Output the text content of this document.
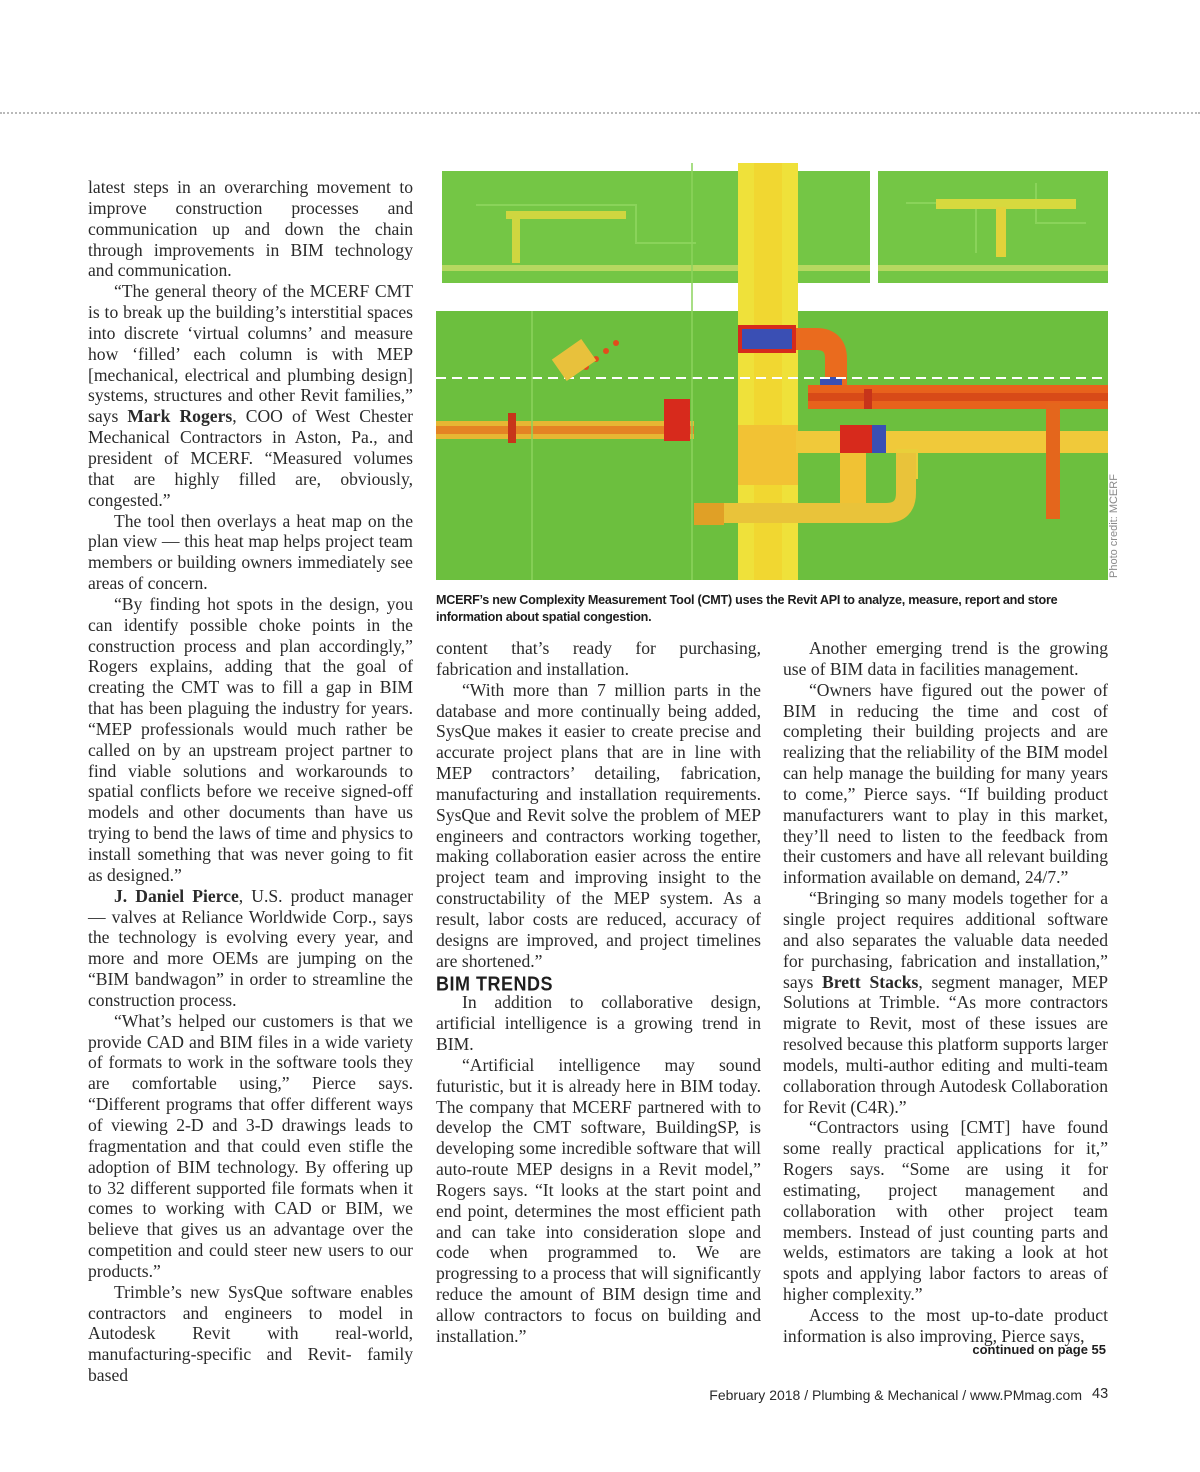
latest steps in an overarching movement to improve construction processes and communication up and down the chain through improvements in BIM technology and communication.

“The general theory of the MCERF CMT is to break up the building’s interstitial spaces into discrete ‘virtual columns’ and measure how ‘filled’ each column is with MEP [mechanical, electrical and plumbing design] systems, structures and other Revit families,” says Mark Rogers, COO of West Chester Mechanical Contractors in Aston, Pa., and president of MCERF. “Measured volumes that are highly filled are, obviously, congested.”

The tool then overlays a heat map on the plan view — this heat map helps project team members or building owners immediately see areas of concern.

“By finding hot spots in the design, you can identify possible choke points in the construction process and plan accordingly,” Rogers explains, adding that the goal of creating the CMT was to fill a gap in BIM that has been plaguing the industry for years. “MEP professionals would much rather be called on by an upstream project partner to find viable solutions and workarounds to spatial conflicts before we receive signed-off models and other documents than have us trying to bend the laws of time and physics to install something that was never going to fit as designed.”

J. Daniel Pierce, U.S. product manager — valves at Reliance Worldwide Corp., says the technology is evolving every year, and more and more OEMs are jumping on the “BIM bandwagon” in order to streamline the construction process.

“What’s helped our customers is that we provide CAD and BIM files in a wide variety of formats to work in the software tools they are comfortable using,” Pierce says. “Different programs that offer different ways of viewing 2-D and 3-D drawings leads to fragmentation and that could even stifle the adoption of BIM technology. By offering up to 32 different supported file formats when it comes to working with CAD or BIM, we believe that gives us an advantage over the competition and could steer new users to our products.”

Trimble’s new SysQue software enables contractors and engineers to model in Autodesk Revit with real-world, manufacturing-specific and Revit- family based

Photo credit: MCERF
MCERF’s new Complexity Measurement Tool (CMT) uses the Revit API to analyze, measure, report and store information about spatial congestion.

content that’s ready for purchasing, fabrication and installation.

“With more than 7 million parts in the database and more continually being added, SysQue makes it easier to create precise and accurate project plans that are in line with MEP contractors’ detailing, fabrication, manufacturing and installation requirements. SysQue and Revit solve the problem of MEP engineers and contractors working together, making collaboration easier across the entire project team and improving insight to the constructability of the MEP system. As a result, labor costs are reduced, accuracy of designs are improved, and project timelines are shortened.”

BIM TRENDS

In addition to collaborative design, artificial intelligence is a growing trend in BIM.

“Artificial intelligence may sound futuristic, but it is already here in BIM today. The company that MCERF partnered with to develop the CMT software, BuildingSP, is developing some incredible software that will auto-route MEP designs in a Revit model,” Rogers says. “It looks at the start point and end point, determines the most efficient path and can take into consideration slope and code when programmed to. We are progressing to a process that will significantly reduce the amount of BIM design time and allow contractors to focus on building and installation.”

Another emerging trend is the growing use of BIM data in facilities management.

“Owners have figured out the power of BIM in reducing the time and cost of completing their building projects and are realizing that the reliability of the BIM model can help manage the building for many years to come,” Pierce says. “If building product manufacturers want to play in this market, they’ll need to listen to the feedback from their customers and have all relevant building information available on demand, 24/7.”

“Bringing so many models together for a single project requires additional software and also separates the valuable data needed for purchasing, fabrication and installation,” says Brett Stacks, segment manager, MEP Solutions at Trimble. “As more contractors migrate to Revit, most of these issues are resolved because this platform supports larger models, multi-author editing and multi-team collaboration through Autodesk Collaboration for Revit (C4R).”

“Contractors using [CMT] have found some really practical applications for it,” Rogers says. “Some are using it for estimating, project management and collaboration with other project team members. Instead of just counting parts and welds, estimators are taking a look at hot spots and applying labor factors to areas of higher complexity.”

Access to the most up-to-date product information is also improving, Pierce says,

continued on page 55
February 2018 / Plumbing & Mechanical / www.PMmag.com 43
